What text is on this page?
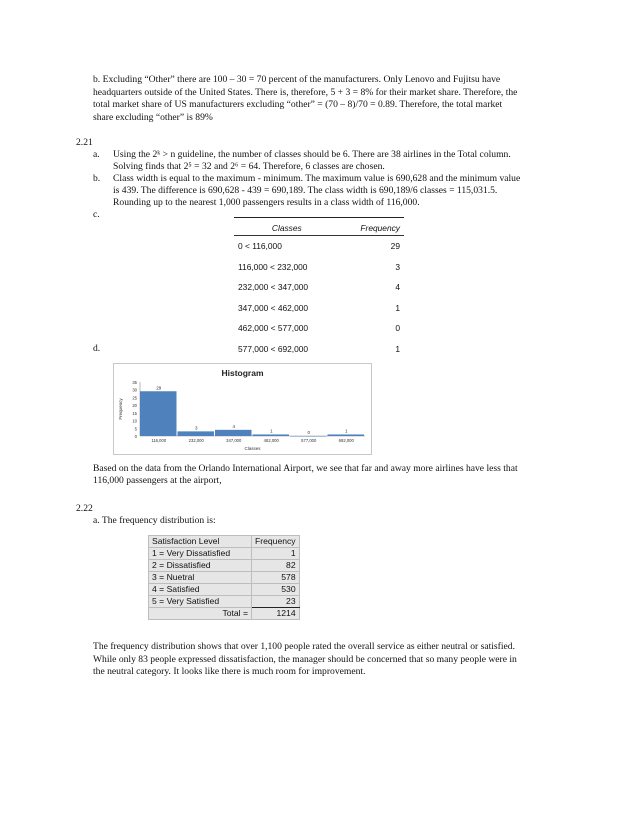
b. Excluding “Other” there are 100 – 30 = 70 percent of the manufacturers. Only Lenovo and Fujitsu have

headquarters outside of the United States. There is, therefore, 5 + 3 = 8% for their market share. Therefore, the

total market share of US manufacturers excluding “other” = (70 – 8)/70 = 0.89. Therefore, the total market

share excluding “other” is 89%

2.21
a. Using the 2ᵏ > n guideline, the number of classes should be 6. There are 38 airlines in the Total column.
Solving finds that 2⁵ = 32 and 2⁶ = 64. Therefore, 6 classes are chosen.
b. Class width is equal to the maximum - minimum. The maximum value is 690,628 and the minimum value
is 439. The difference is 690,628 - 439 = 690,189. The class width is 690,189/6 classes = 115,031.5.
Rounding up to the nearest 1,000 passengers results in a class width of 116,000.
c.
Classes	Frequency
0 < 116,000	29
116,000 < 232,000	3
232,000 < 347,000	4
347,000 < 462,000	1
462,000 < 577,000	0
577,000 < 692,000	1
d.
Histogram
0
5
10
15
20
25
30
35
Frequency
29
116,000
3
232,000
4
347,000
1
462,000
0
577,000
1
692,000
Classes
Based on the data from the Orlando International Airport, we see that far and away more airlines have less that
116,000 passengers at the airport,
2.22
a. The frequency distribution is:
Satisfaction Level	Frequency
1 = Very Dissatisfied	1
2 = Dissatisfied	82
3 = Nuetral	578
4 = Satisfied	530
5 = Very Satisfied	23
Total =	1214
The frequency distribution shows that over 1,100 people rated the overall service as either neutral or satisfied.
While only 83 people expressed dissatisfaction, the manager should be concerned that so many people were in
the neutral category. It looks like there is much room for improvement.
